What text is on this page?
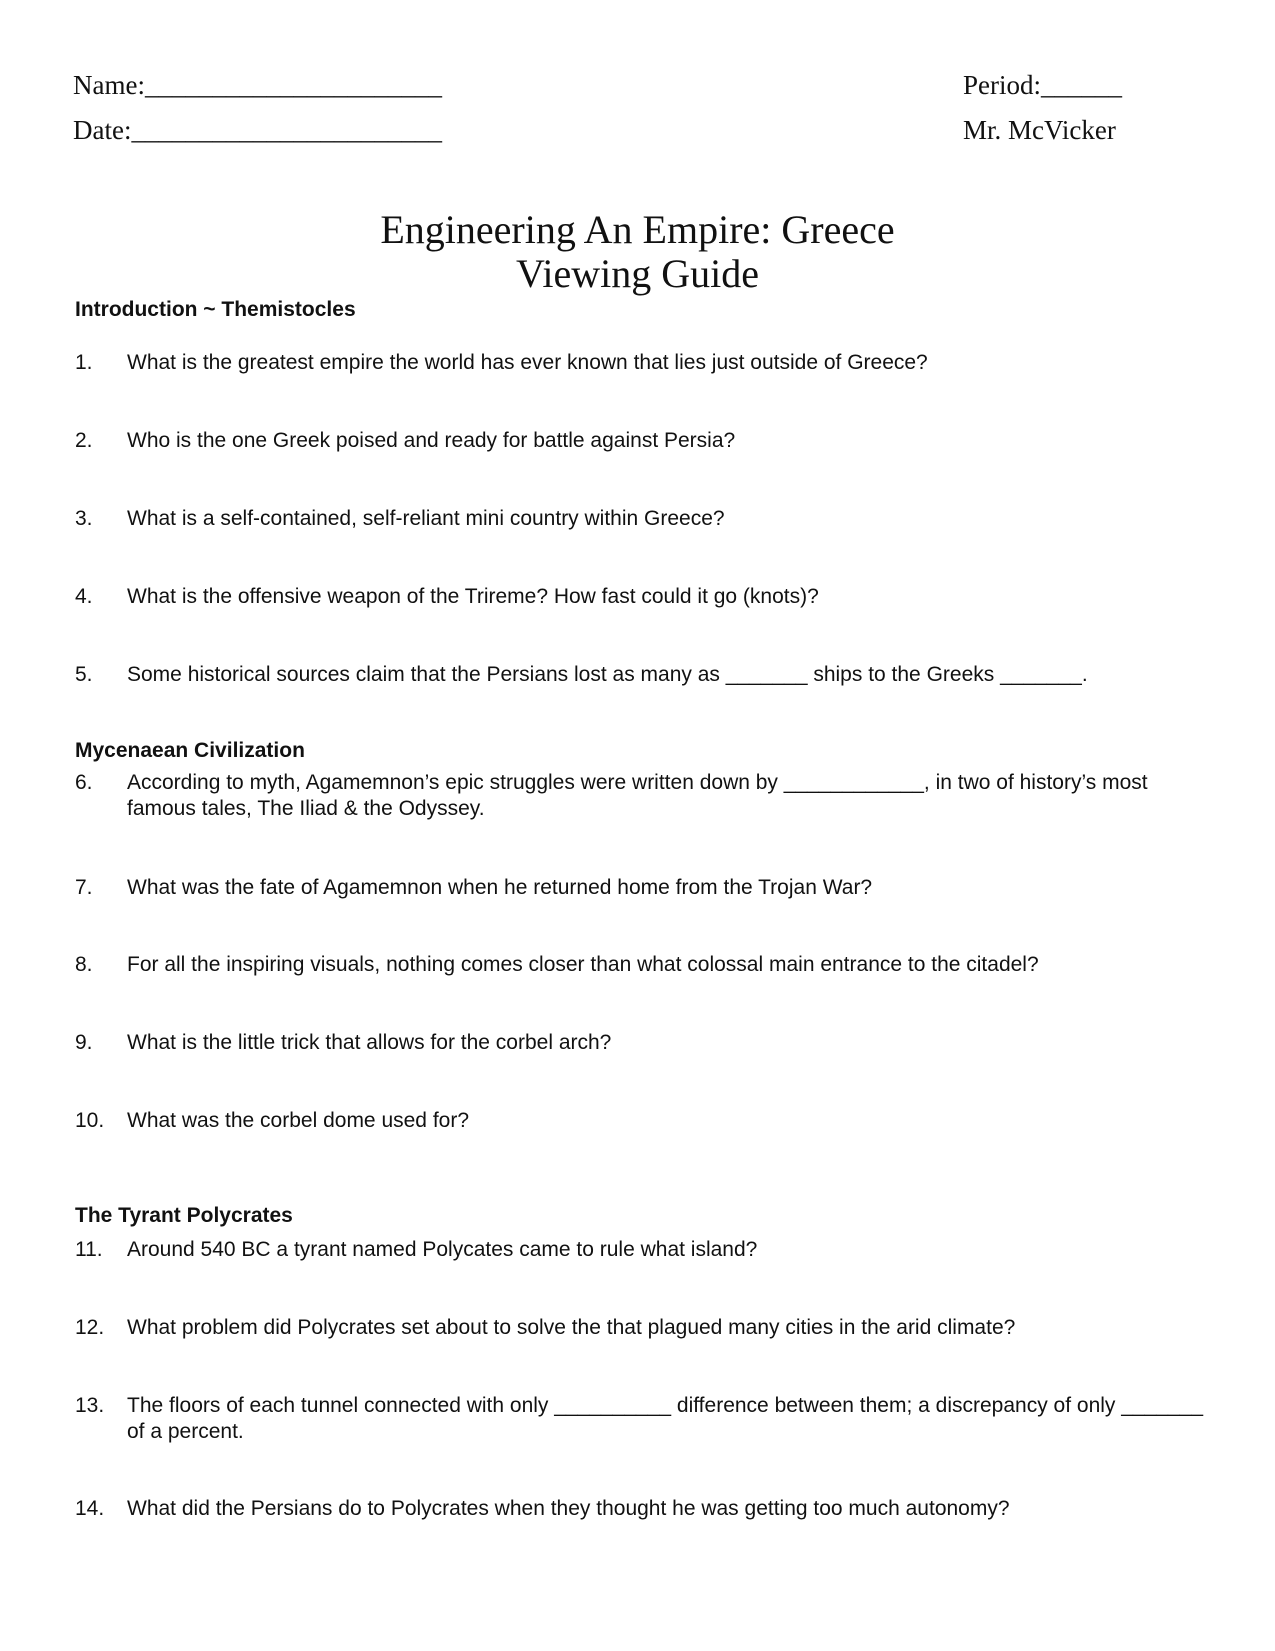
Name:______________________
Date:_______________________
Period:______
Mr. McVicker
Engineering An Empire: Greece
Viewing Guide
Introduction ~ Themistocles
1.	What is the greatest empire the world has ever known that lies just outside of Greece?
2.	Who is the one Greek poised and ready for battle against Persia?
3.	What is a self-contained, self-reliant mini country within Greece?
4.	What is the offensive weapon of the Trireme? How fast could it go (knots)?
5.	Some historical sources claim that the Persians lost as many as _______ ships to the Greeks _______.
Mycenaean Civilization
6.	According to myth, Agamemnon’s epic struggles were written down by ____________, in two of history’s most famous tales, The Iliad & the Odyssey.
7.	What was the fate of Agamemnon when he returned home from the Trojan War?
8.	For all the inspiring visuals, nothing comes closer than what colossal main entrance to the citadel?
9.	What is the little trick that allows for the corbel arch?
10.	What was the corbel dome used for?
The Tyrant Polycrates
11.	Around 540 BC a tyrant named Polycates came to rule what island?
12.	What problem did Polycrates set about to solve the that plagued many cities in the arid climate?
13.	The floors of each tunnel connected with only __________ difference between them; a discrepancy of only _______ of a percent.
14.	What did the Persians do to Polycrates when they thought he was getting too much autonomy?
